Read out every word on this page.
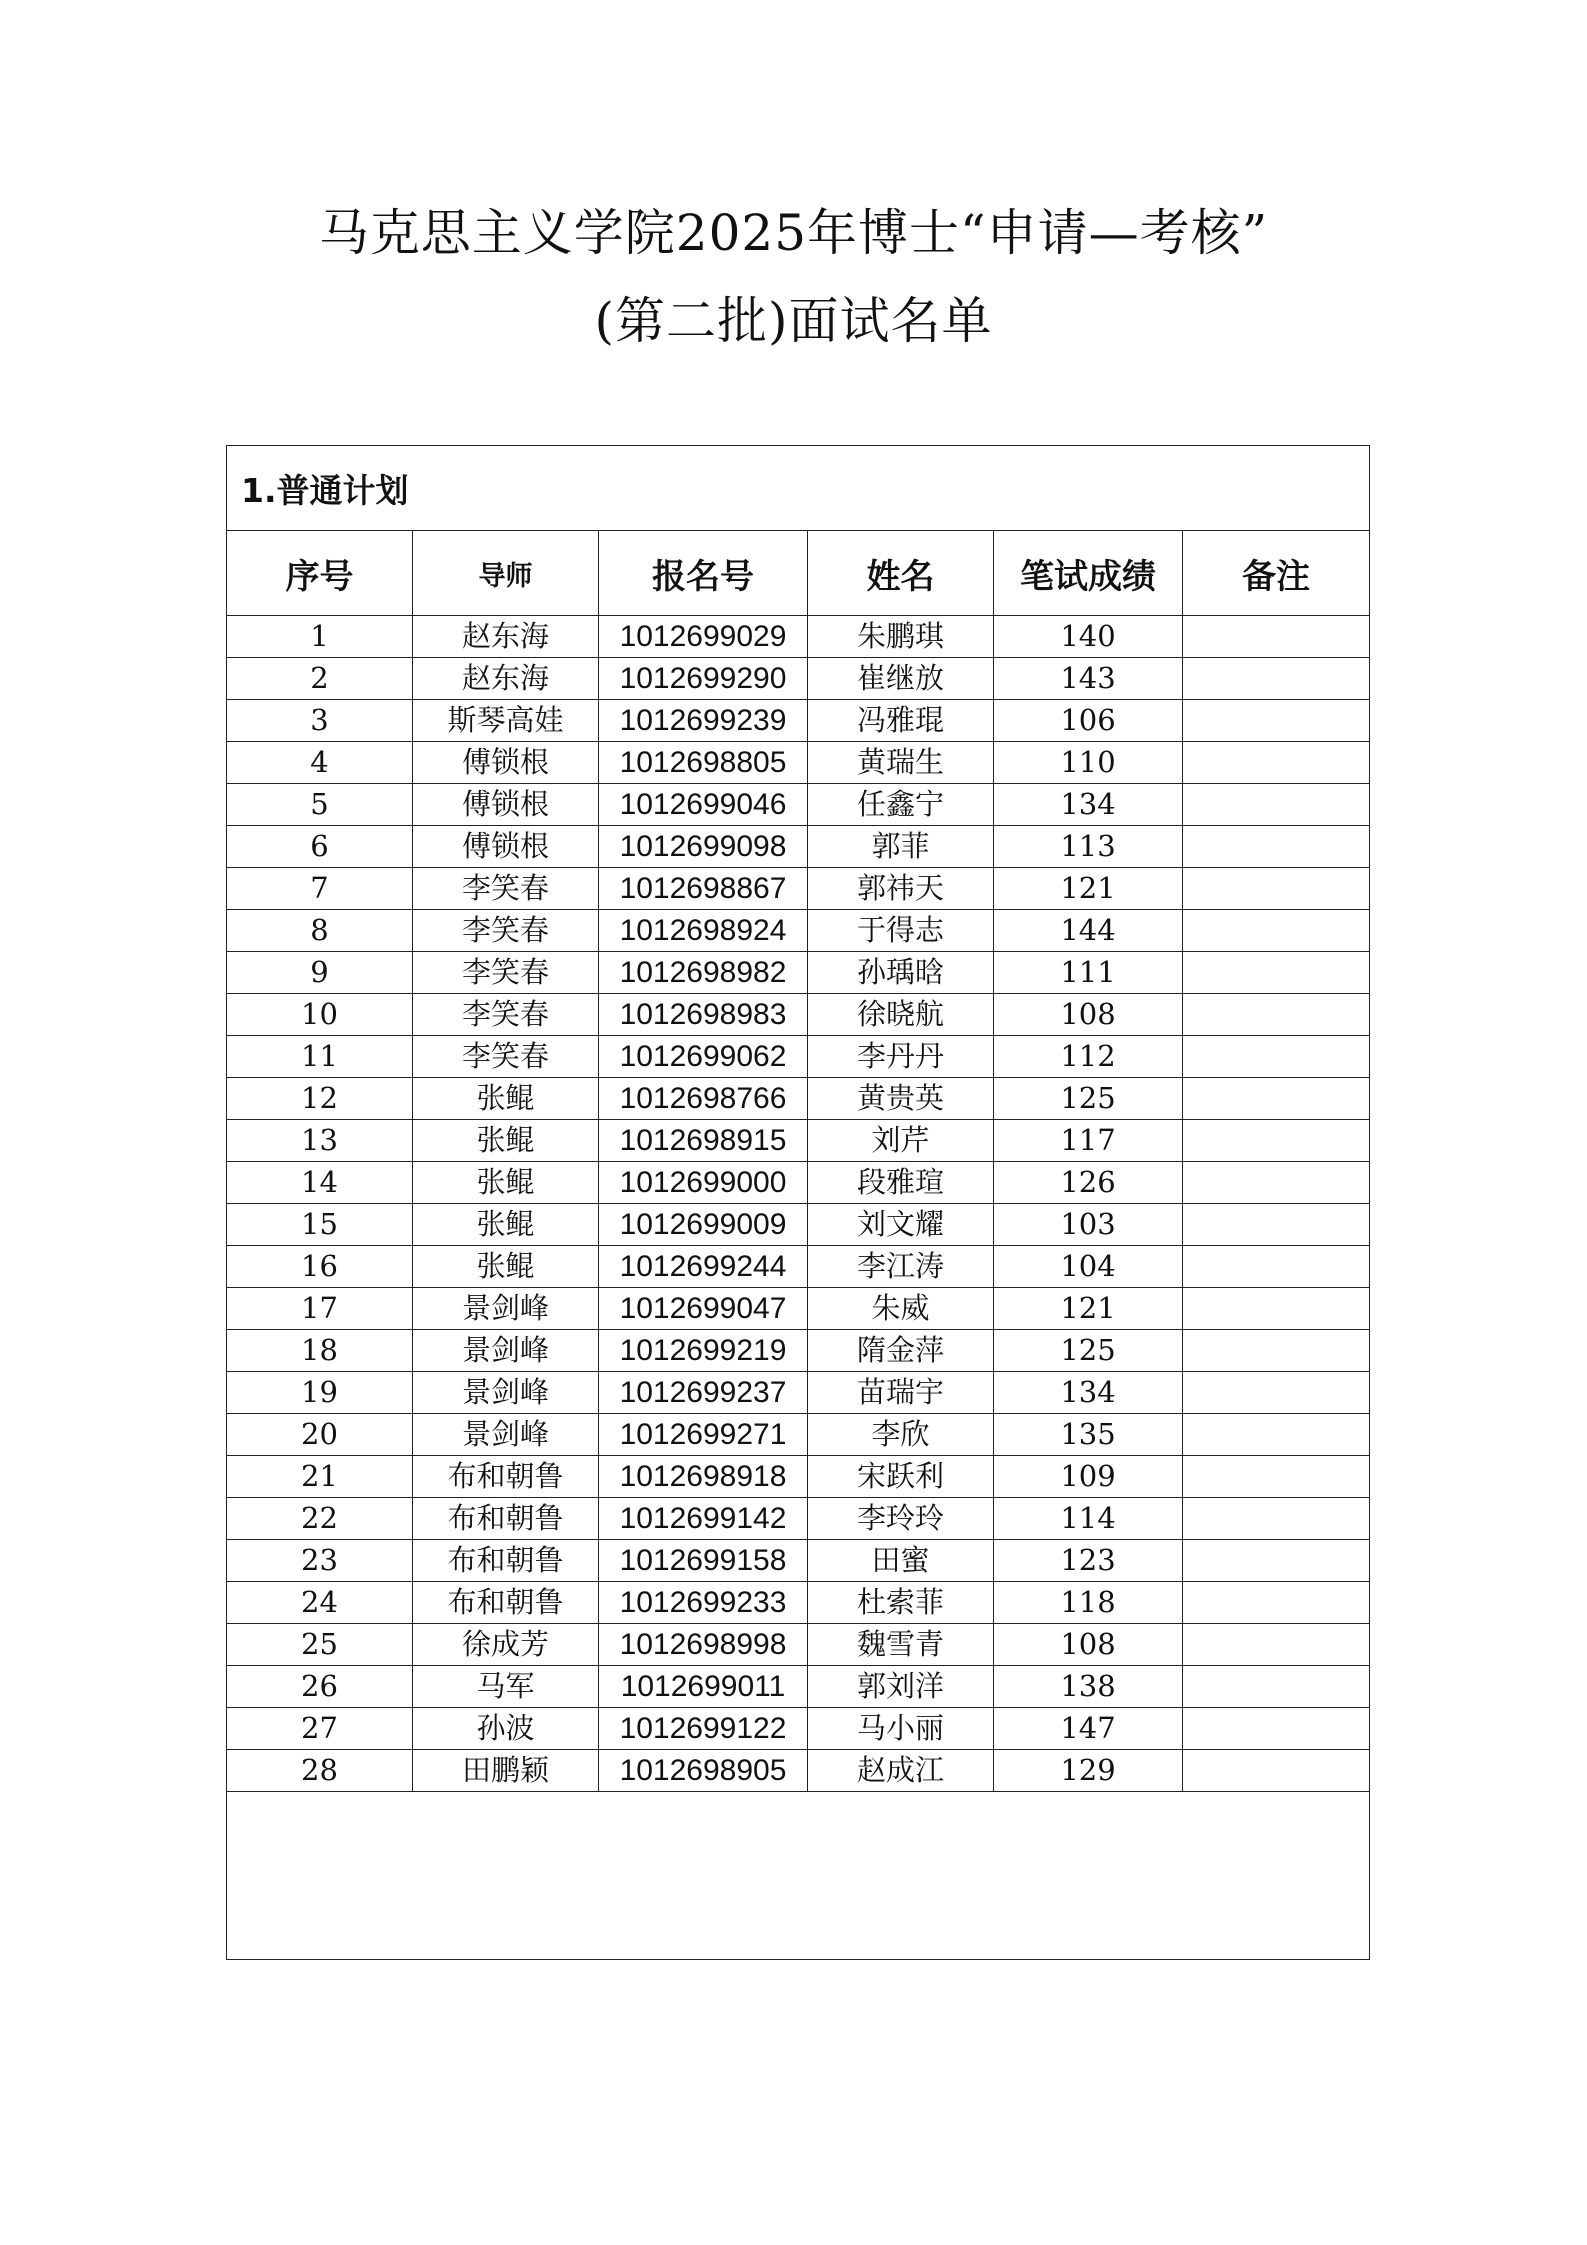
马克思主义学院2025年博士“申请—考核”
(第二批)面试名单
1.普通计划					
序号	导师	报名号	姓名	笔试成绩	备注
1	赵东海	1012699029	朱鹏琪	140	
2	赵东海	1012699290	崔继放	143	
3	斯琴高娃	1012699239	冯雅琨	106	
4	傅锁根	1012698805	黄瑞生	110	
5	傅锁根	1012699046	任鑫宁	134	
6	傅锁根	1012699098	郭菲	113	
7	李笑春	1012698867	郭祎天	121	
8	李笑春	1012698924	于得志	144	
9	李笑春	1012698982	孙瑀晗	111	
10	李笑春	1012698983	徐晓航	108	
11	李笑春	1012699062	李丹丹	112	
12	张鲲	1012698766	黄贵英	125	
13	张鲲	1012698915	刘芹	117	
14	张鲲	1012699000	段雅瑄	126	
15	张鲲	1012699009	刘文耀	103	
16	张鲲	1012699244	李江涛	104	
17	景剑峰	1012699047	朱威	121	
18	景剑峰	1012699219	隋金萍	125	
19	景剑峰	1012699237	苗瑞宇	134	
20	景剑峰	1012699271	李欣	135	
21	布和朝鲁	1012698918	宋跃利	109	
22	布和朝鲁	1012699142	李玲玲	114	
23	布和朝鲁	1012699158	田蜜	123	
24	布和朝鲁	1012699233	杜索菲	118	
25	徐成芳	1012698998	魏雪青	108	
26	马军	1012699011	郭刘洋	138	
27	孙波	1012699122	马小丽	147	
28	田鹏颖	1012698905	赵成江	129	
